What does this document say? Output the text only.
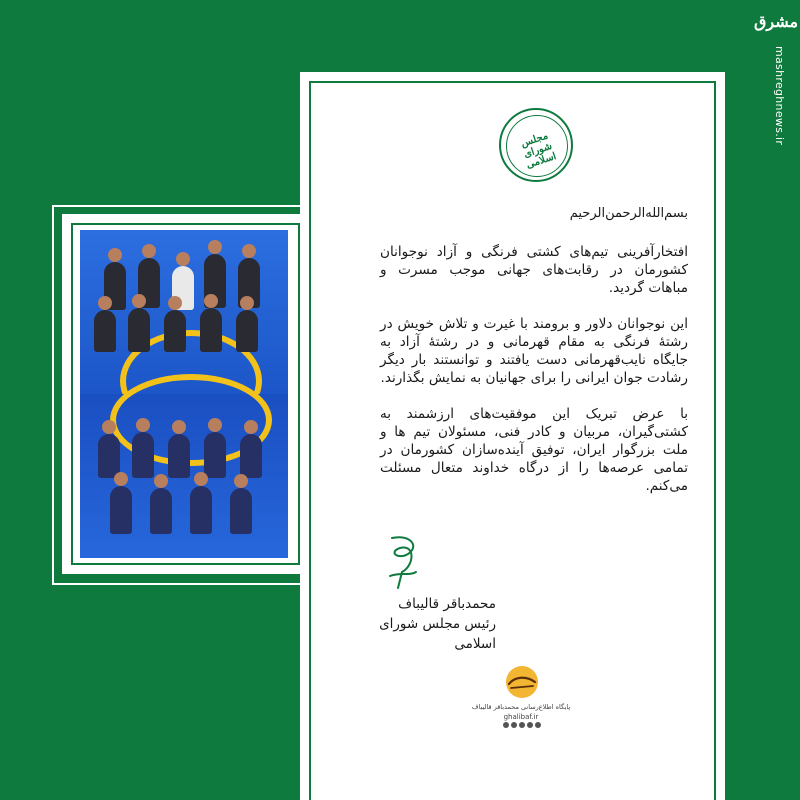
مشرق
mashreghnews.ir
مجلس شورای اسلامی

بسم‌الله‌الرحمن‌الرحیم

افتخارآفرینی تیم‌های کشتی فرنگی و آزاد نوجوانان کشورمان در رقابت‌های جهانی موجب مسرت و مباهات گردید.

این نوجوانان دلاور و برومند با غیرت و تلاش خویش در رشتهٔ فرنگی به مقام قهرمانی و در رشتهٔ آزاد به جایگاه نایب‌قهرمانی دست یافتند و توانستند بار دیگر رشادت جوان ایرانی را برای جهانیان به نمایش بگذارند.

با عرض تبریک این موفقیت‌های ارزشمند به کشتی‌گیران، مربیان و کادر فنی، مسئولان تیم ها و ملت بزرگوار ایران، توفیق آینده‌سازان کشورمان در تمامی عرصه‌ها را از درگاه خداوند متعال مسئلت می‌کنم.

محمدباقر قالیباف
رئیس مجلس شورای اسلامی
پایگاه اطلاع‌رسانی محمدباقر قالیباف
ghalibaf.ir
